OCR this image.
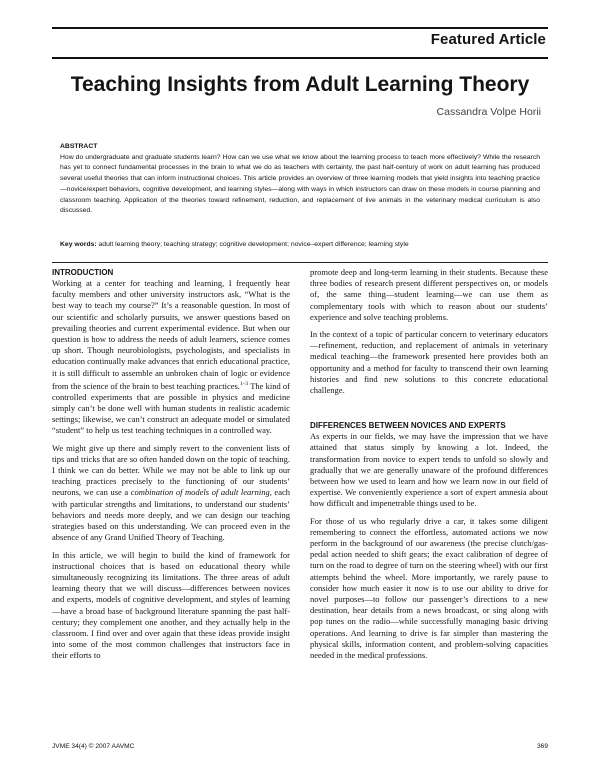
Featured Article
Teaching Insights from Adult Learning Theory
Cassandra Volpe Horii
ABSTRACT

How do undergraduate and graduate students learn? How can we use what we know about the learning process to teach more effectively? While the research has yet to connect fundamental processes in the brain to what we do as teachers with certainty, the past half-century of work on adult learning has produced several useful theories that can inform instructional choices. This article provides an overview of three learning models that yield insights into teaching practice—novice/expert behaviors, cognitive development, and learning styles—along with ways in which instructors can draw on these models in course planning and classroom teaching. Application of the theories toward refinement, reduction, and replacement of live animals in the veterinary medical curriculum is also discussed.

Key words: adult learning theory; teaching strategy; cognitive development; novice–expert difference; learning style
INTRODUCTION

Working at a center for teaching and learning, I frequently hear faculty members and other university instructors ask, “What is the best way to teach my course?” It’s a reasonable question. In most of our scientific and scholarly pursuits, we answer questions based on prevailing theories and current experimental evidence. But when our question is how to address the needs of adult learners, science comes up short. Though neurobiologists, psychologists, and specialists in education continually make advances that enrich educational practice, it is still difficult to assemble an unbroken chain of logic or evidence from the science of the brain to best teaching practices.$^{1-3}$ The kind of controlled experiments that are possible in physics and medicine simply can’t be done well with human students in realistic academic settings; likewise, we can’t construct an adequate model or simulated “student” to help us test teaching techniques in a controlled way.

We might give up there and simply revert to the convenient lists of tips and tricks that are so often handed down on the topic of teaching. I think we can do better. While we may not be able to link up our teaching practices precisely to the functioning of our students’ neurons, we can use a combination of models of adult learning, each with particular strengths and limitations, to understand our students’ behaviors and needs more deeply, and we can design our teaching strategies based on this understanding. We can proceed even in the absence of any Grand Unified Theory of Teaching.

In this article, we will begin to build the kind of framework for instructional choices that is based on educational theory while simultaneously recognizing its limitations. The three areas of adult learning theory that we will discuss—differences between novices and experts, models of cognitive development, and styles of learning—have a broad base of background literature spanning the past half-century; they complement one another, and they actually help in the classroom. I find over and over again that these ideas provide insight into some of the most common challenges that instructors face in their efforts to

promote deep and long-term learning in their students. Because these three bodies of research present different perspectives on, or models of, the same thing—student learning—we can use them as complementary tools with which to reason about our students’ experience and solve teaching problems.

In the context of a topic of particular concern to veterinary educators—refinement, reduction, and replacement of animals in veterinary medical teaching—the framework presented here provides both an opportunity and a method for faculty to transcend their own learning histories and find new solutions to this concrete educational challenge.

DIFFERENCES BETWEEN NOVICES AND EXPERTS

As experts in our fields, we may have the impression that we have attained that status simply by knowing a lot. Indeed, the transformation from novice to expert tends to unfold so slowly and gradually that we are generally unaware of the profound differences between how we used to learn and how we learn now in our field of expertise. We conveniently experience a sort of expert amnesia about how difficult and impenetrable things used to be.

For those of us who regularly drive a car, it takes some diligent remembering to connect the effortless, automated actions we now perform in the background of our awareness (the precise clutch/gas-pedal action needed to shift gears; the exact calibration of degree of turn on the road to degree of turn on the steering wheel) with our first attempts behind the wheel. More importantly, we rarely pause to consider how much easier it now is to use our ability to drive for novel purposes—to follow our passenger’s directions to a new destination, hear details from a news broadcast, or sing along with pop tunes on the radio—while successfully managing basic driving operations. And learning to drive is far simpler than mastering the physical skills, information content, and problem-solving capacities needed in the medical professions.

JVME 34(4) © 2007 AAVMC	369
